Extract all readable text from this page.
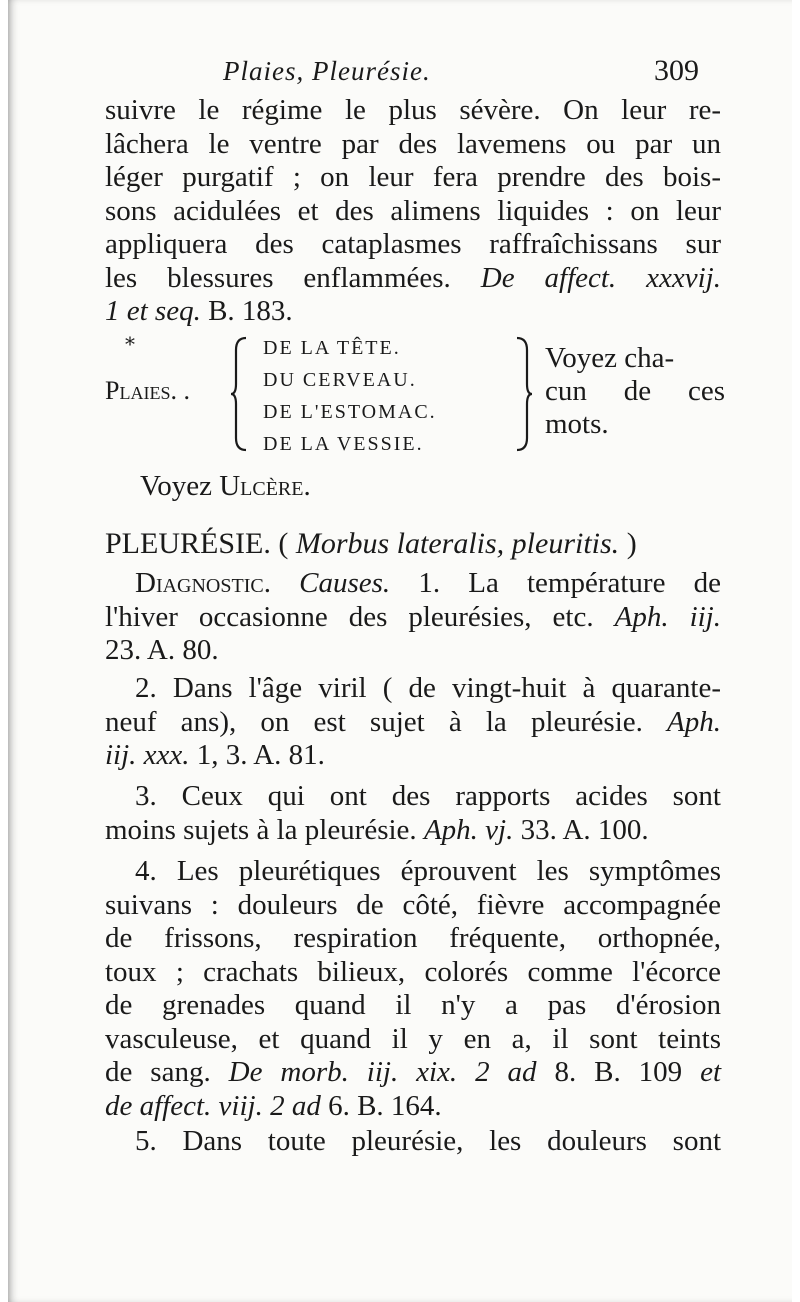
Plaies, Pleurésie.	309
suivre le régime le plus sévère. On leur re-
lâchera le ventre par des lavemens ou par un
léger purgatif ; on leur fera prendre des bois-
sons acidulées et des alimens liquides : on leur
appliquera des cataplasmes raffraîchissans sur
les blessures enflammées. De affect. xxxvij.
1 et seq. B. 183.
*
Plaies. .
DE LA TÊTE.
DU CERVEAU.
DE L'ESTOMAC.
DE LA VESSIE.
Voyez cha-
cun de ces
mots.
Voyez Ulcère.
PLEURÉSIE. ( Morbus lateralis, pleuritis. )
Diagnostic. Causes. 1. La température de
l'hiver occasionne des pleurésies, etc. Aph. iij.
23. A. 80.
2. Dans l'âge viril ( de vingt-huit à quarante-
neuf ans), on est sujet à la pleurésie. Aph.
iij. xxx. 1, 3. A. 81.
3. Ceux qui ont des rapports acides sont
moins sujets à la pleurésie. Aph. vj. 33. A. 100.
4. Les pleurétiques éprouvent les symptômes
suivans : douleurs de côté, fièvre accompagnée
de frissons, respiration fréquente, orthopnée,
toux ; crachats bilieux, colorés comme l'écorce
de grenades quand il n'y a pas d'érosion
vasculeuse, et quand il y en a, il sont teints
de sang. De morb. iij. xix. 2 ad 8. B. 109 et
de affect. viij. 2 ad 6. B. 164.
5. Dans toute pleurésie, les douleurs sont
